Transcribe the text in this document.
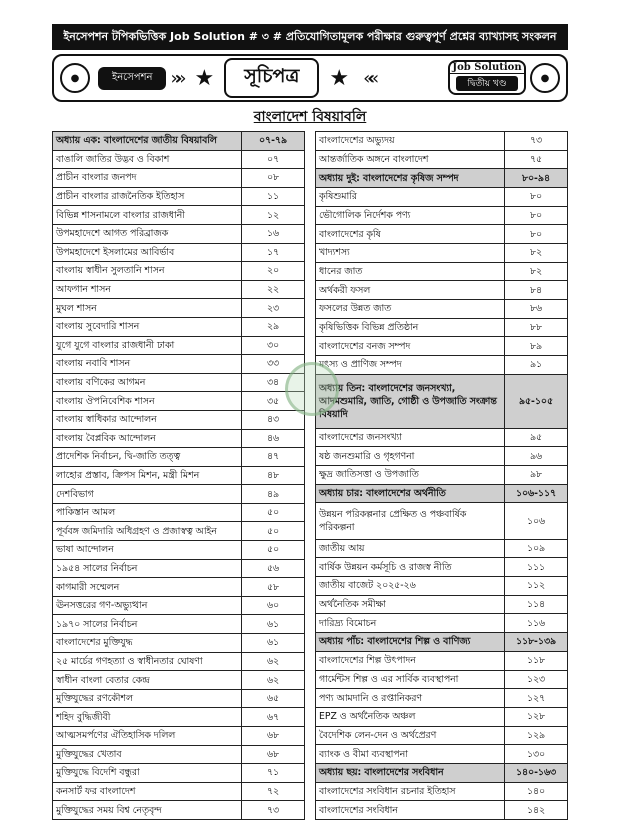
ইনসেপশন টপিকভিত্তিক Job Solution # ৩ # প্রতিযোগিতামূলক পরীক্ষার গুরুত্বপূর্ণ প্রশ্নের ব্যাখ্যাসহ সংকলন
●	ইনসেপশন	»» ★	সূচিপত্র	★ ««	Job Solution
দ্বিতীয় খণ্ড
●
বাংলাদেশ বিষয়াবলি
অধ্যায় এক: বাংলাদেশের জাতীয় বিষয়াবলি	০৭-৭৯
বাঙালি জাতির উদ্ভব ও বিকাশ	০৭
প্রাচীন বাংলার জনপদ	০৮
প্রাচীন বাংলার রাজনৈতিক ইতিহাস	১১
বিভিন্ন শাসনামলে বাংলার রাজধানী	১২
উপমহাদেশে আগত পরিব্রাজক	১৬
উপমহাদেশে ইসলামের আবির্ভাব	১৭
বাংলায় স্বাধীন সুলতানি শাসন	২০
আফগান শাসন	২২
মুঘল শাসন	২৩
বাংলায় সুবেদারি শাসন	২৯
যুগে যুগে বাংলার রাজধানী ঢাকা	৩০
বাংলায় নবাবি শাসন	৩৩
বাংলায় বণিকের আগমন	৩৪
বাংলায় ঔপনিবেশিক শাসন	৩৫
বাংলায় স্বাধিকার আন্দোলন	৪৩
বাংলায় বৈপ্লবিক আন্দোলন	৪৬
প্রাদেশিক নির্বাচন, দ্বি-জাতি তত্ত্ব	৪৭
লাহোর প্রস্তাব, ক্রিপস মিশন, মন্ত্রী মিশন	৪৮
দেশবিভাগ	৪৯
পাকিস্তান আমল	৫০
পূর্ববঙ্গ জমিদারি অধিগ্রহণ ও প্রজাস্বত্ব আইন	৫০
ভাষা আন্দোলন	৫০
১৯৫৪ সালের নির্বাচন	৫৬
কাগমারী সম্মেলন	৫৮
ঊনসত্তরের গণ-অভ্যুত্থান	৬০
১৯৭০ সালের নির্বাচন	৬১
বাংলাদেশের মুক্তিযুদ্ধ	৬১
২৫ মার্চের গণহত্যা ও স্বাধীনতার ঘোষণা	৬২
স্বাধীন বাংলা বেতার কেন্দ্র	৬২
মুক্তিযুদ্ধের রণকৌশল	৬৫
শহিদ বুদ্ধিজীবী	৬৭
আত্মসমর্পণের ঐতিহাসিক দলিল	৬৮
মুক্তিযুদ্ধের খেতাব	৬৮
মুক্তিযুদ্ধে বিদেশি বন্ধুরা	৭১
কনসার্ট ফর বাংলাদেশ	৭২
মুক্তিযুদ্ধের সময় বিশ্ব নেতৃবৃন্দ	৭৩
বাংলাদেশের অভ্যুদয়	৭৩
আন্তর্জাতিক অঙ্গনে বাংলাদেশ	৭৫
অধ্যায় দুই: বাংলাদেশের কৃষিজ সম্পদ	৮০-৯৪
কৃষিশুমারি	৮০
ভৌগোলিক নির্দেশক পণ্য	৮০
বাংলাদেশের কৃষি	৮০
খাদ্যশস্য	৮২
ধানের জাত	৮২
অর্থকরী ফসল	৮৪
ফসলের উন্নত জাত	৮৬
কৃষিভিত্তিক বিভিন্ন প্রতিষ্ঠান	৮৮
বাংলাদেশের বনজ সম্পদ	৮৯
মৎস্য ও প্রাণিজ সম্পদ	৯১
অধ্যায় তিন: বাংলাদেশের জনসংখ্যা, আদমশুমারি, জাতি, গোষ্ঠী ও উপজাতি সংক্রান্ত বিষয়াদি	৯৫-১০৫
বাংলাদেশের জনসংখ্যা	৯৫
ষষ্ঠ জনশুমারি ও গৃহগণনা	৯৬
ক্ষুদ্র জাতিসত্তা ও উপজাতি	৯৮
অধ্যায় চার: বাংলাদেশের অর্থনীতি	১০৬-১১৭
উন্নয়ন পরিকল্পনার প্রেক্ষিত ও পঞ্চবার্ষিক পরিকল্পনা	১০৬
জাতীয় আয়	১০৯
বার্ষিক উন্নয়ন কর্মসূচি ও রাজস্ব নীতি	১১১
জাতীয় বাজেট ২০২৫-২৬	১১২
অর্থনৈতিক সমীক্ষা	১১৪
দারিদ্র্য বিমোচন	১১৬
অধ্যায় পাঁচ: বাংলাদেশের শিল্প ও বাণিজ্য	১১৮-১৩৯
বাংলাদেশের শিল্প উৎপাদন	১১৮
গার্মেন্টস শিল্প ও এর সার্বিক ব্যবস্থাপনা	১২৩
পণ্য আমদানি ও রপ্তানিকরণ	১২৭
EPZ ও অর্থনৈতিক অঞ্চল	১২৮
বৈদেশিক লেন-দেন ও অর্থপ্রেরণ	১২৯
ব্যাংক ও বীমা ব্যবস্থাপনা	১৩০
অধ্যায় ছয়: বাংলাদেশের সংবিধান	১৪০-১৬৩
বাংলাদেশের সংবিধান রচনার ইতিহাস	১৪০
বাংলাদেশের সংবিধান	১৪২
